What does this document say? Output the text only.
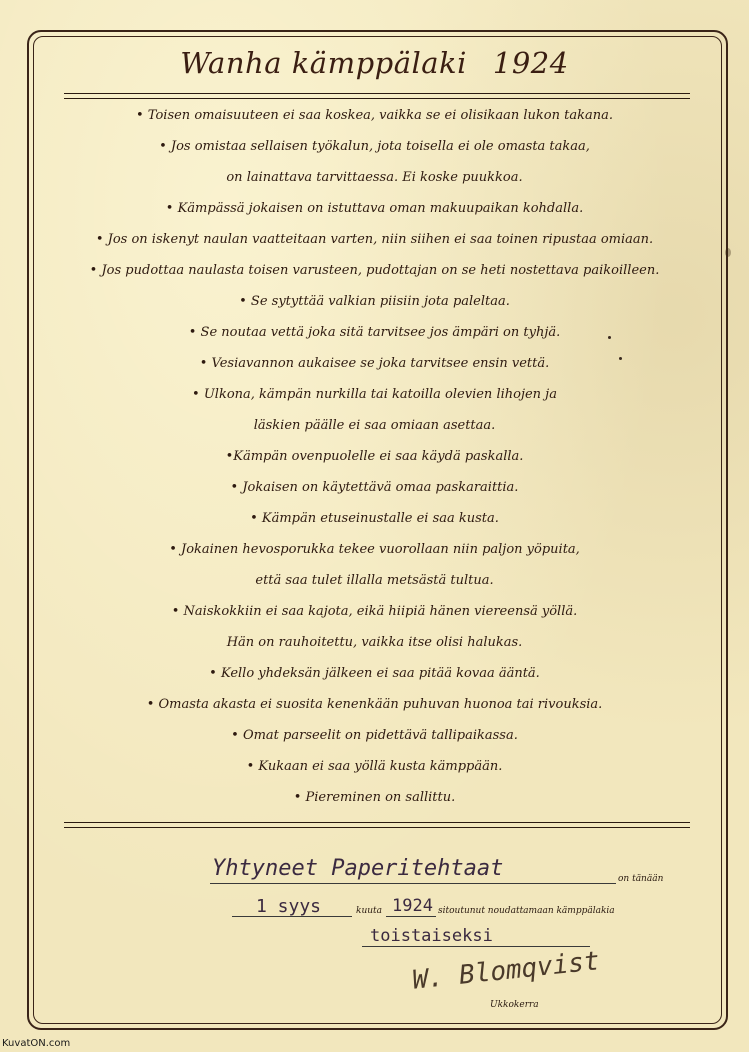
Wanha kämppälaki 1924
• Toisen omaisuuteen ei saa koskea, vaikka se ei olisikaan lukon takana.
• Jos omistaa sellaisen työkalun, jota toisella ei ole omasta takaa,
on lainattava tarvittaessa. Ei koske puukkoa.
• Kämpässä jokaisen on istuttava oman makuupaikan kohdalla.
• Jos on iskenyt naulan vaatteitaan varten, niin siihen ei saa toinen ripustaa omiaan.
• Jos pudottaa naulasta toisen varusteen, pudottajan on se heti nostettava paikoilleen.
• Se sytyttää valkian piisiin jota paleltaa.
• Se noutaa vettä joka sitä tarvitsee jos ämpäri on tyhjä.
• Vesiavannon aukaisee se joka tarvitsee ensin vettä.
• Ulkona, kämpän nurkilla tai katoilla olevien lihojen ja
läskien päälle ei saa omiaan asettaa.
•Kämpän ovenpuolelle ei saa käydä paskalla.
• Jokaisen on käytettävä omaa paskaraittia.
• Kämpän etuseinustalle ei saa kusta.
• Jokainen hevosporukka tekee vuorollaan niin paljon yöpuita,
että saa tulet illalla metsästä tultua.
• Naiskokkiin ei saa kajota, eikä hiipiä hänen viereensä yöllä.
Hän on rauhoitettu, vaikka itse olisi halukas.
• Kello yhdeksän jälkeen ei saa pitää kovaa ääntä.
• Omasta akasta ei suosita kenenkään puhuvan huonoa tai rivouksia.
• Omat parseelit on pidettävä tallipaikassa.
• Kukaan ei saa yöllä kusta kämppään.
• Piereminen on sallittu.
Yhtyneet Paperitehtaat	on tänään
1 syys	kuuta 1924 sitoutunut noudattamaan kämppälakia
toistaiseksi
W. Blomqvist
Ukkokerra
KuvatON.com
